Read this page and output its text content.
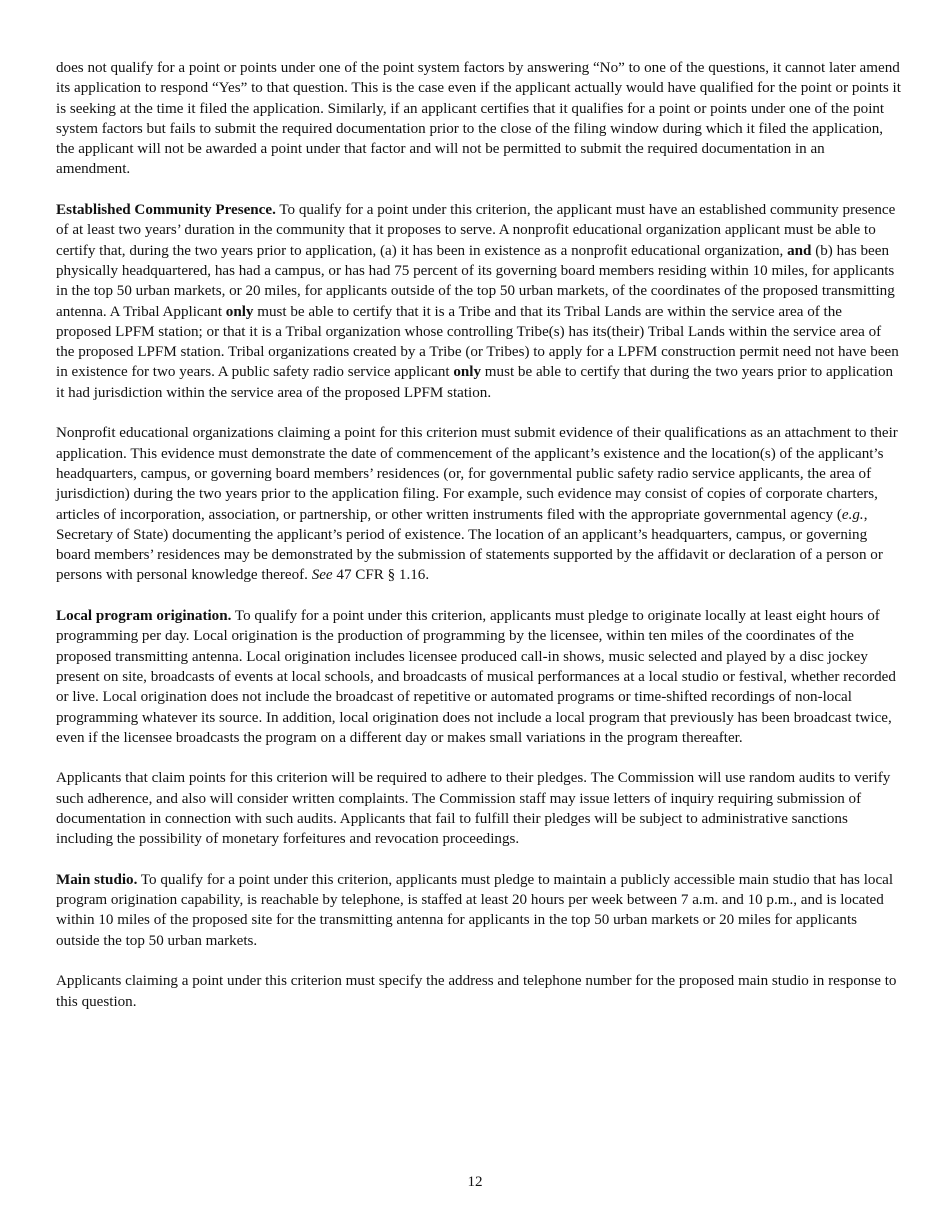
does not qualify for a point or points under one of the point system factors by answering “No” to one of the questions, it cannot later amend its application to respond “Yes” to that question. This is the case even if the applicant actually would have qualified for the point or points it is seeking at the time it filed the application. Similarly, if an applicant certifies that it qualifies for a point or points under one of the point system factors but fails to submit the required documentation prior to the close of the filing window during which it filed the application, the applicant will not be awarded a point under that factor and will not be permitted to submit the required documentation in an amendment.

Established Community Presence. To qualify for a point under this criterion, the applicant must have an established community presence of at least two years’ duration in the community that it proposes to serve. A nonprofit educational organization applicant must be able to certify that, during the two years prior to application, (a) it has been in existence as a nonprofit educational organization, and (b) has been physically headquartered, has had a campus, or has had 75 percent of its governing board members residing within 10 miles, for applicants in the top 50 urban markets, or 20 miles, for applicants outside of the top 50 urban markets, of the coordinates of the proposed transmitting antenna. A Tribal Applicant only must be able to certify that it is a Tribe and that its Tribal Lands are within the service area of the proposed LPFM station; or that it is a Tribal organization whose controlling Tribe(s) has its(their) Tribal Lands within the service area of the proposed LPFM station. Tribal organizations created by a Tribe (or Tribes) to apply for a LPFM construction permit need not have been in existence for two years. A public safety radio service applicant only must be able to certify that during the two years prior to application it had jurisdiction within the service area of the proposed LPFM station.

Nonprofit educational organizations claiming a point for this criterion must submit evidence of their qualifications as an attachment to their application. This evidence must demonstrate the date of commencement of the applicant’s existence and the location(s) of the applicant’s headquarters, campus, or governing board members’ residences (or, for governmental public safety radio service applicants, the area of jurisdiction) during the two years prior to the application filing. For example, such evidence may consist of copies of corporate charters, articles of incorporation, association, or partnership, or other written instruments filed with the appropriate governmental agency (e.g., Secretary of State) documenting the applicant’s period of existence. The location of an applicant’s headquarters, campus, or governing board members’ residences may be demonstrated by the submission of statements supported by the affidavit or declaration of a person or persons with personal knowledge thereof. See 47 CFR § 1.16.

Local program origination. To qualify for a point under this criterion, applicants must pledge to originate locally at least eight hours of programming per day. Local origination is the production of programming by the licensee, within ten miles of the coordinates of the proposed transmitting antenna. Local origination includes licensee produced call-in shows, music selected and played by a disc jockey present on site, broadcasts of events at local schools, and broadcasts of musical performances at a local studio or festival, whether recorded or live. Local origination does not include the broadcast of repetitive or automated programs or time-shifted recordings of non-local programming whatever its source. In addition, local origination does not include a local program that previously has been broadcast twice, even if the licensee broadcasts the program on a different day or makes small variations in the program thereafter.

Applicants that claim points for this criterion will be required to adhere to their pledges. The Commission will use random audits to verify such adherence, and also will consider written complaints. The Commission staff may issue letters of inquiry requiring submission of documentation in connection with such audits. Applicants that fail to fulfill their pledges will be subject to administrative sanctions including the possibility of monetary forfeitures and revocation proceedings.

Main studio. To qualify for a point under this criterion, applicants must pledge to maintain a publicly accessible main studio that has local program origination capability, is reachable by telephone, is staffed at least 20 hours per week between 7 a.m. and 10 p.m., and is located within 10 miles of the proposed site for the transmitting antenna for applicants in the top 50 urban markets or 20 miles for applicants outside the top 50 urban markets.

Applicants claiming a point under this criterion must specify the address and telephone number for the proposed main studio in response to this question.

12
